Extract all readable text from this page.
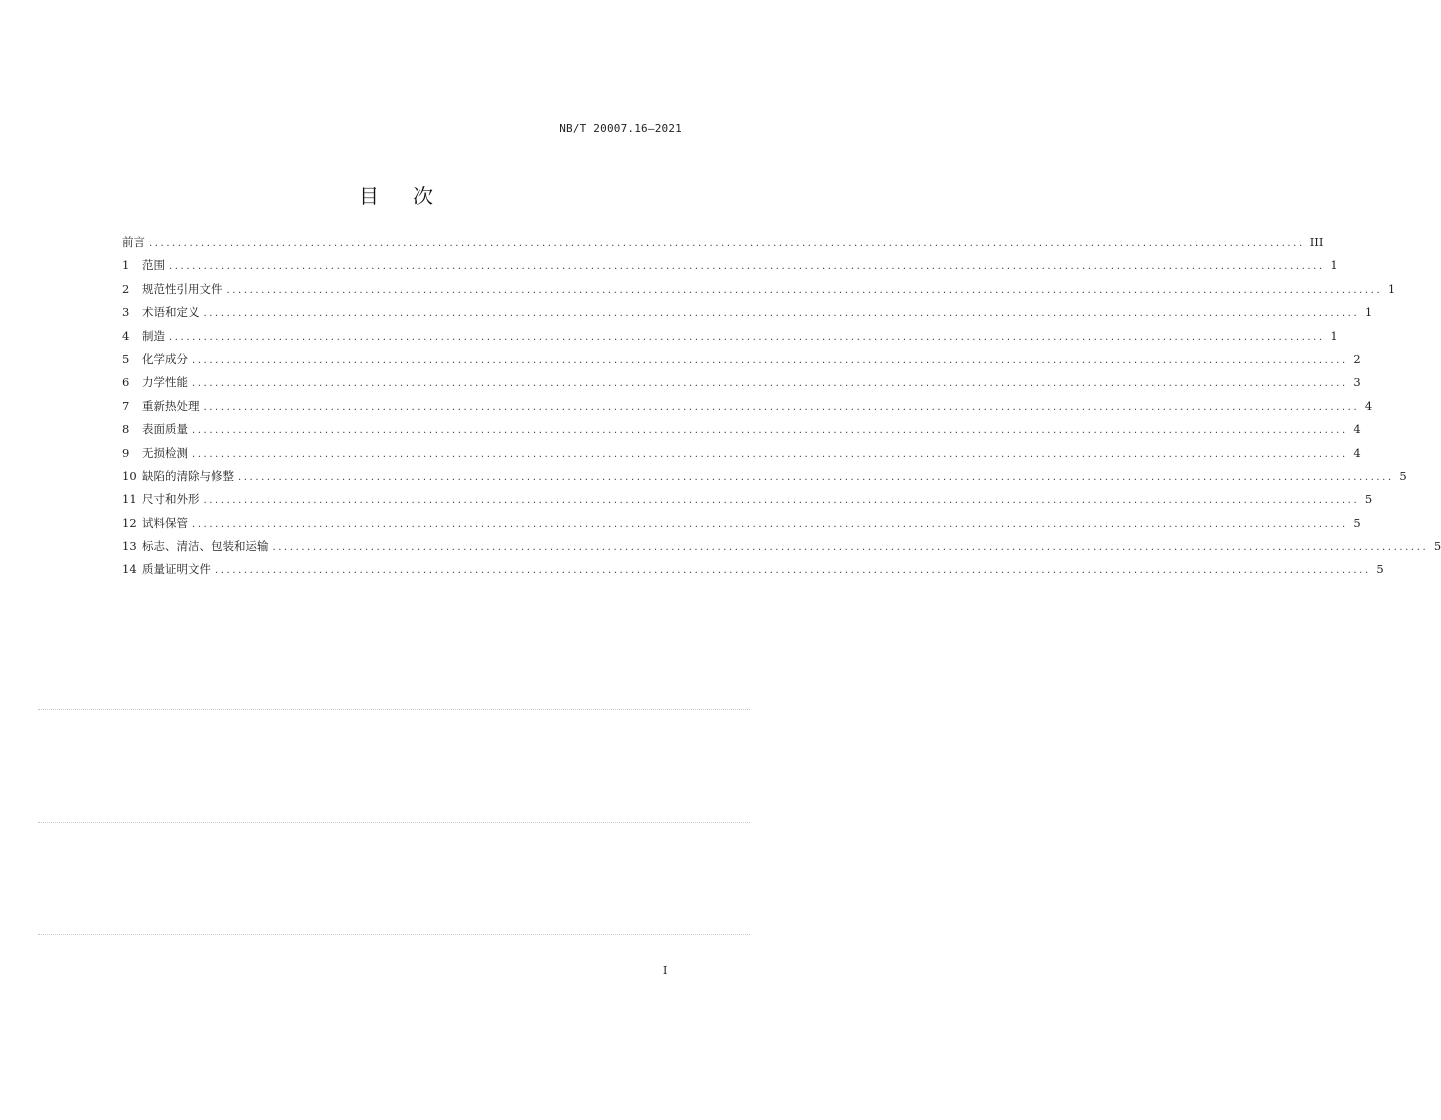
NB/T 20007.16—2021
目次
前言 ........................................................................................................................................................................................................ III
1	范围 ........................................................................................................................................................................................................ 1
2	规范性引用文件 ........................................................................................................................................................................................................ 1
3	术语和定义 ........................................................................................................................................................................................................ 1
4	制造 ........................................................................................................................................................................................................ 1
5	化学成分 ........................................................................................................................................................................................................ 2
6	力学性能 ........................................................................................................................................................................................................ 3
7	重新热处理 ........................................................................................................................................................................................................ 4
8	表面质量 ........................................................................................................................................................................................................ 4
9	无损检测 ........................................................................................................................................................................................................ 4
10 缺陷的清除与修整 ........................................................................................................................................................................................................ 5
11 尺寸和外形 ........................................................................................................................................................................................................ 5
12 试料保管 ........................................................................................................................................................................................................ 5
13 标志、清洁、包装和运输 ........................................................................................................................................................................................................ 5
14 质量证明文件 ........................................................................................................................................................................................................ 5
I
